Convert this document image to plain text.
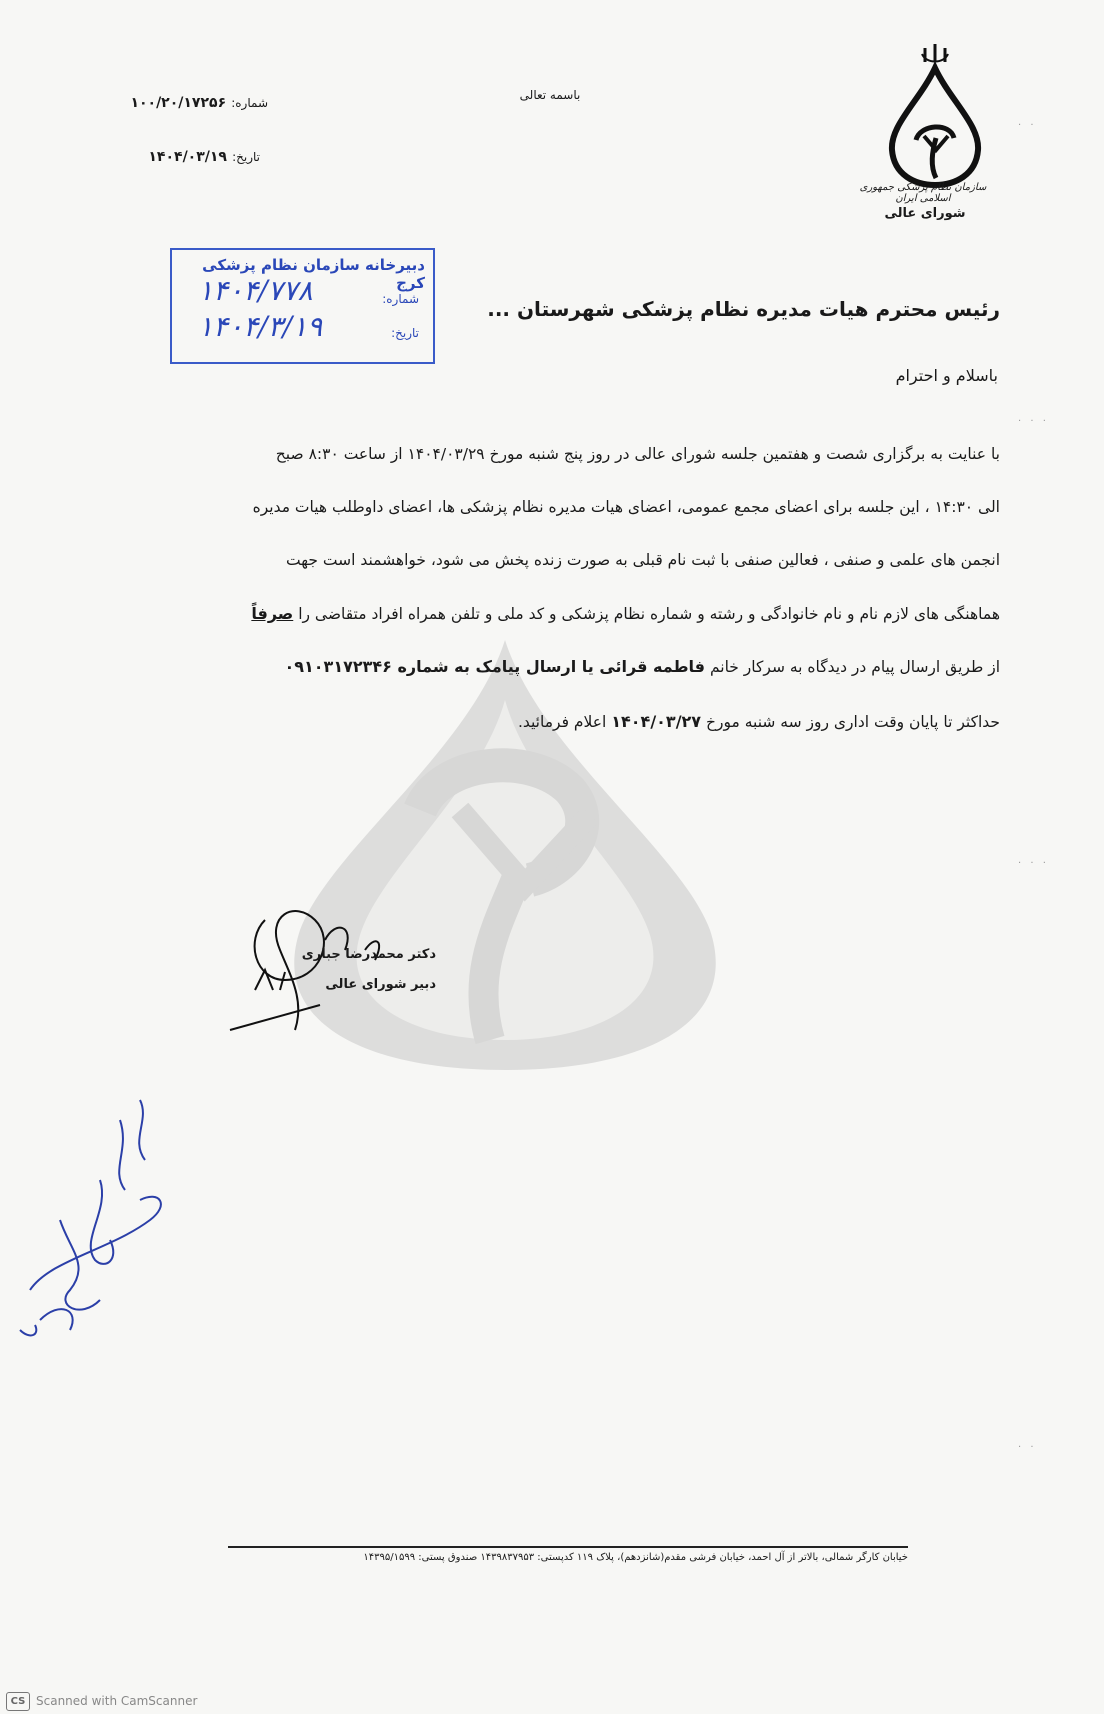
سازمان نظام پزشکی جمهوری اسلامی ایران
شورای عالی
باسمه تعالی
شماره: ۱۰۰/۲۰/۱۷۲۵۶
تاریخ: ۱۴۰۴/۰۳/۱۹
دبیرخانه سازمان نظام پزشکی کرج
شماره:
۱۴۰۴/۷۷۸
تاریخ:
۱۴۰۴/۳/۱۹
رئیس محترم هیات مدیره نظام پزشکی شهرستان ...
باسلام و احترام
با عنایت به برگزاری شصت و هفتمین جلسه شورای عالی در روز پنج شنبه مورخ ۱۴۰۴/۰۳/۲۹ از ساعت ۸:۳۰ صبح
الی ۱۴:۳۰ ، این جلسه برای اعضای مجمع عمومی، اعضای هیات مدیره نظام پزشکی ها، اعضای داوطلب هیات مدیره
انجمن های علمی و صنفی ، فعالین صنفی با ثبت نام قبلی به صورت زنده پخش می شود، خواهشمند است جهت
هماهنگی های لازم نام و نام خانوادگی و رشته و شماره نظام پزشکی و کد ملی و تلفن همراه افراد متقاضی را صرفاً
از طریق ارسال پیام در دیدگاه به سرکار خانم فاطمه قرائی یا ارسال پیامک به شماره ۰۹۱۰۳۱۷۲۳۴۶
حداکثر تا پایان وقت اداری روز سه شنبه مورخ ۱۴۰۴/۰۳/۲۷ اعلام فرمائید.
دکتر محمدرضا جباری
دبیر شورای عالی
خیابان کارگر شمالی، بالاتر از آل احمد، خیابان فرشی مقدم(شانزدهم)، پلاک ۱۱۹ کدپستی: ۱۴۳۹۸۳۷۹۵۳ صندوق پستی: ۱۴۳۹۵/۱۵۹۹
· ·
· · ·
· · ·
· ·
CS Scanned with CamScanner
